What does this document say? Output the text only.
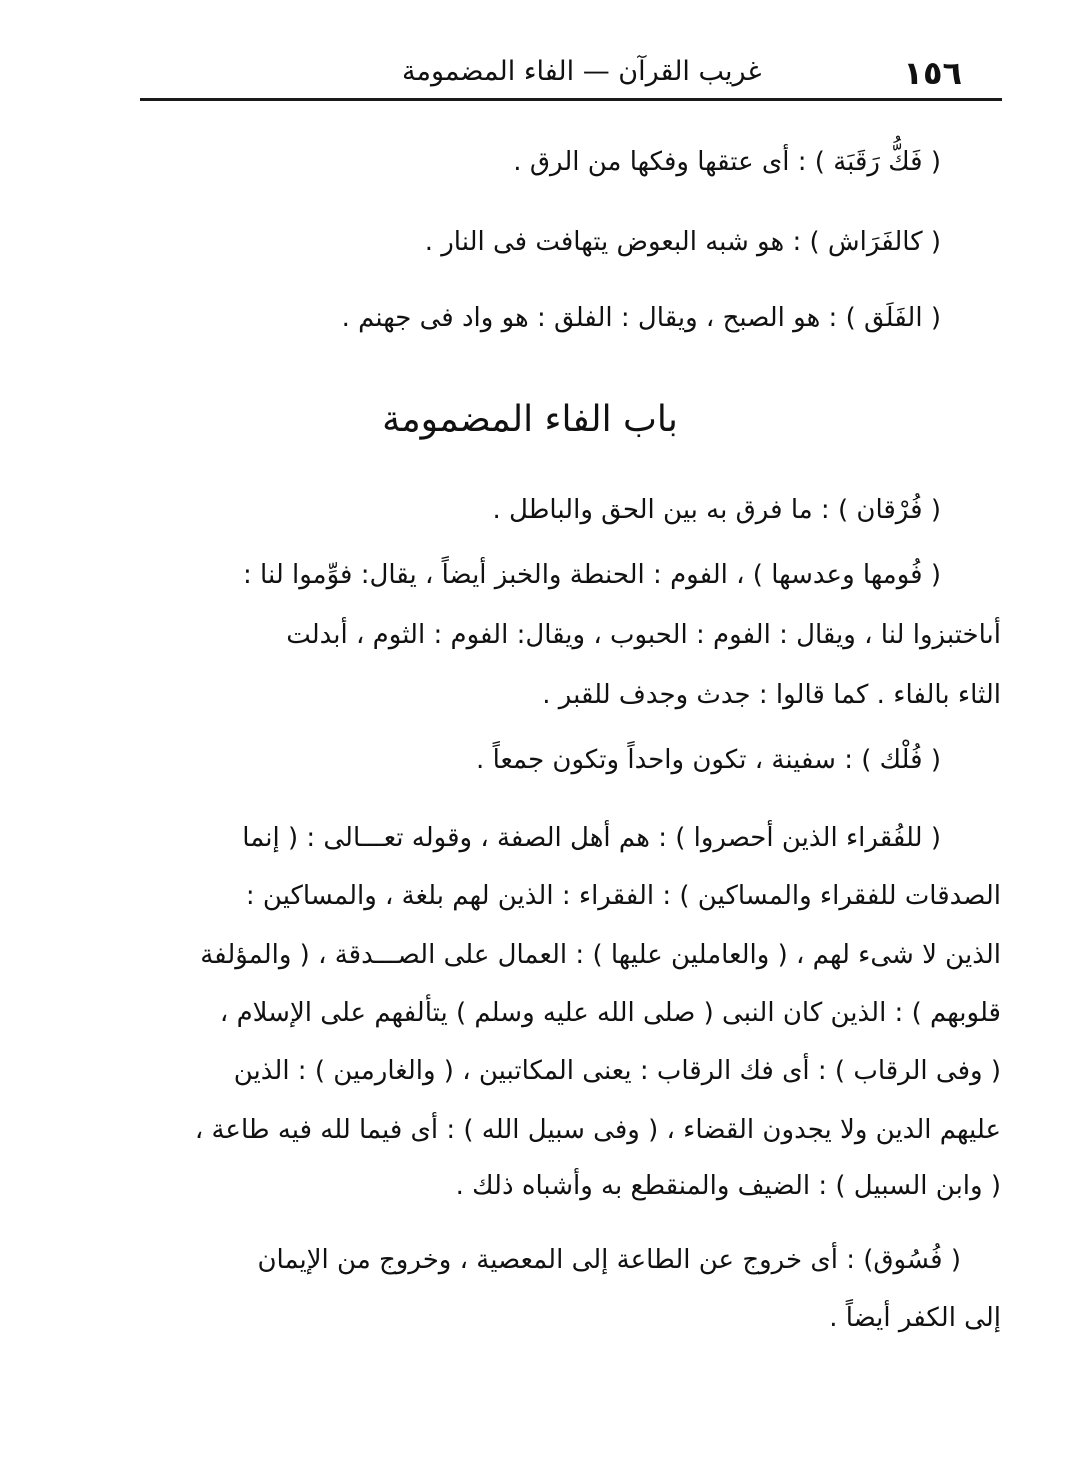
١٥٦
غريب القرآن — الفاء المضمومة
( فَكُّ رَقَبَة ) : أى عتقها وفكها من الرق .
( كالفَرَاش ) : هو شبه البعوض يتهافت فى النار .
( الفَلَق ) : هو الصبح ، ويقال : الفلق : هو واد فى جهنم .
باب الفاء المضمومة
( فُرْقان ) : ما فرق به بين الحق والباطل .
( فُومها وعدسها ) ، الفوم : الحنطة والخبز أيضاً ، يقال: فوِّموا لنا :
أىاختبزوا لنا ، ويقال : الفوم : الحبوب ، ويقال: الفوم : الثوم ، أبدلت
الثاء بالفاء . كما قالوا : جدث وجدف للقبر .
( فُلْك ) : سفينة ، تكون واحداً وتكون جمعاً .
( للفُقراء الذين أحصروا ) : هم أهل الصفة ، وقوله تعـــالى : ( إنما
الصدقات للفقراء والمساكين ) : الفقراء : الذين لهم بلغة ، والمساكين :
الذين لا شىء لهم ، ( والعاملين عليها ) : العمال على الصـــدقة ، ( والمؤلفة
قلوبهم ) : الذين كان النبى ( صلى الله عليه وسلم ) يتألفهم على الإسلام ،
( وفى الرقاب ) : أى فك الرقاب : يعنى المكاتبين ، ( والغارمين ) : الذين
عليهم الدين ولا يجدون القضاء ، ( وفى سبيل الله ) : أى فيما لله فيه طاعة ،
( وابن السبيل ) : الضيف والمنقطع به وأشباه ذلك .
( فُسُوق) : أى خروج عن الطاعة إلى المعصية ، وخروج من الإيمان
إلى الكفر أيضاً .
